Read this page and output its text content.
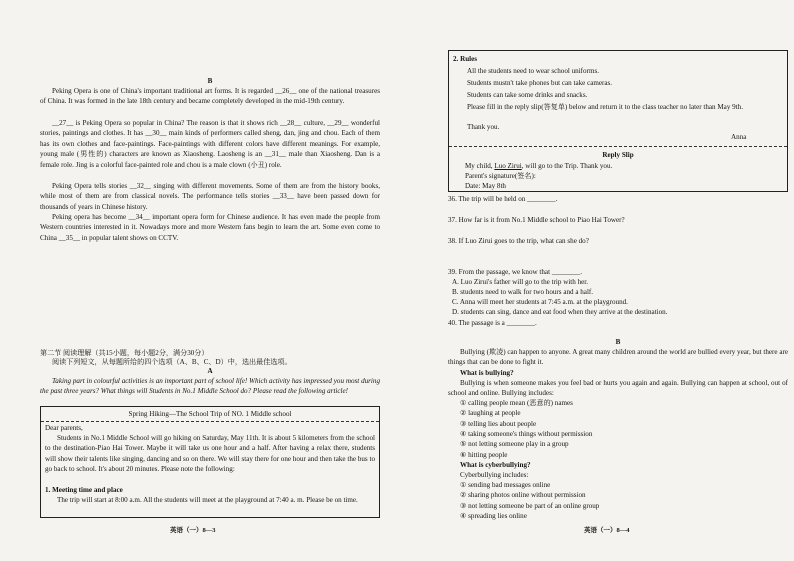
B
Peking Opera is one of China's important traditional art forms. It is regarded __26__ one of the national treasures of China. It was formed in the late 18th century and became completely developed in the mid-19th century.
__27__ is Peking Opera so popular in China? The reason is that it shows rich __28__ culture, __29__ wonderful stories, paintings and clothes. It has __30__ main kinds of performers called sheng, dan, jing and chou. Each of them has its own clothes and face-paintings. Face-paintings with different colors have different meanings. For example, young male (男性的) characters are known as Xiaosheng. Laosheng is an __31__ male than Xiaosheng. Dan is a female role. Jing is a colorful face-painted role and chou is a male clown (小丑) role.
Peking Opera tells stories __32__ singing with different movements. Some of them are from the history books, while most of them are from classical novels. The performance tells stories __33__ have been passed down for thousands of years in Chinese history.
Peking opera has become __34__ important opera form for Chinese audience. It has even made the people from Western countries interested in it. Nowadays more and more Western fans begin to learn the art. Some even come to China __35__ in popular talent shows on CCTV.
第二节 阅读理解（共15小题，每小题2分，满分30分）
阅读下列短文，从每题所给的四个选项（A、B、C、D）中，选出最佳选项。
A
Taking part in colourful activities is an important part of school life! Which activity has impressed you most during the past three years? What things will Students in No.1 Middle School do? Please read the following article!
Spring Hiking—The School Trip of NO. 1 Middle school
Dear parents,
Students in No.1 Middle School will go hiking on Saturday, May 11th. It is about 5 kilometers from the school to the destination-Piao Hai Tower. Maybe it will take us one hour and a half. After having a relax there, students will show their talents like singing, dancing and so on there. We will stay there for one hour and then take the bus to go back to school. It's about 20 minutes. Please note the following:
1. Meeting time and place
The trip will start at 8:00 a.m. All the students will meet at the playground at 7:40 a. m. Please be on time.
英语（一）8—3
2. Rules
All the students need to wear school uniforms.
Students mustn't take phones but can take cameras.
Students can take some drinks and snacks.
Please fill in the reply slip(答复单) below and return it to the class teacher no later than May 9th.
Thank you.
Anna
Reply Slip
My child, Luo Zirui, will go to the Trip. Thank you.
Parent's signature(签名):
Date: May 8th
36. The trip will be held on ________.
37. How far is it from No.1 Middle school to Piao Hai Tower?
38. If Luo Zirui goes to the trip, what can she do?
39. From the passage, we know that ________.
A. Luo Zirui's father will go to the trip with her.
B. students need to walk for two hours and a half.
C. Anna will meet her students at 7:45 a.m. at the playground.
D. students can sing, dance and eat food when they arrive at the destination.
40. The passage is a ________.
B
Bullying (欺凌) can happen to anyone. A great many children around the world are bullied every year, but there are things that can be done to fight it.
What is bullying?
Bullying is when someone makes you feel bad or hurts you again and again. Bullying can happen at school, out of school and online. Bullying includes:
① calling people mean (恶意的) names
② laughing at people
③ telling lies about people
④ taking someone's things without permission
⑤ not letting someone play in a group
⑥ hitting people
What is cyberbullying?
Cyberbullying includes:
① sending bad messages online
② sharing photos online without permission
③ not letting someone be part of an online group
④ spreading lies online
英语（一）8—4
